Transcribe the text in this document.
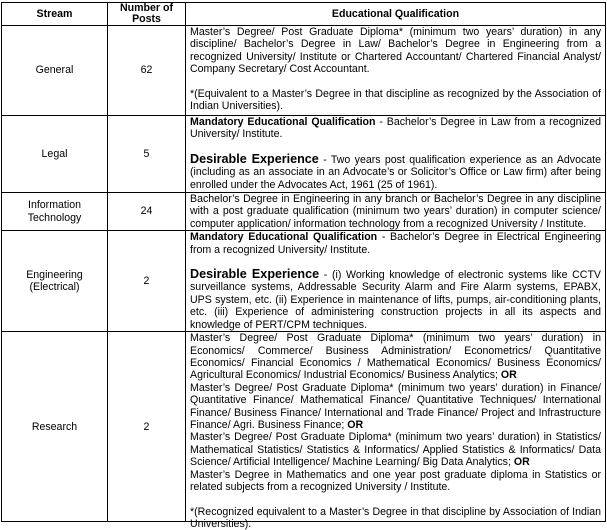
Stream	Number of Posts	Educational Qualification
General	62	Master’s Degree/ Post Graduate Diploma* (minimum two years’ duration) in any discipline/ Bachelor’s Degree in Law/ Bachelor’s Degree in Engineering from a recognized University/ Institute or Chartered Accountant/ Chartered Financial Analyst/ Company Secretary/ Cost Accountant.

*(Equivalent to a Master’s Degree in that discipline as recognized by the Association of Indian Universities).

Legal	5	Mandatory Educational Qualification - Bachelor’s Degree in Law from a recognized University/ Institute.

Desirable Experience - Two years post qualification experience as an Advocate (including as an associate in an Advocate’s or Solicitor’s Office or Law firm) after being enrolled under the Advocates Act, 1961 (25 of 1961).

Information Technology	24	Bachelor’s Degree in Engineering in any branch or Bachelor’s Degree in any discipline with a post graduate qualification (minimum two years’ duration) in computer science/ computer application/ information technology from a recognized University / Institute.

Engineering (Electrical)	2	Mandatory Educational Qualification - Bachelor’s Degree in Electrical Engineering from a recognized University/ Institute.

Desirable Experience - (i) Working knowledge of electronic systems like CCTV surveillance systems, Addressable Security Alarm and Fire Alarm systems, EPABX, UPS system, etc. (ii) Experience in maintenance of lifts, pumps, air-conditioning plants, etc. (iii) Experience of administering construction projects in all its aspects and knowledge of PERT/CPM techniques.

Research	2	Master’s Degree/ Post Graduate Diploma* (minimum two years’ duration) in Economics/ Commerce/ Business Administration/ Econometrics/ Quantitative Economics/ Financial Economics / Mathematical Economics/ Business Economics/ Agricultural Economics/ Industrial Economics/ Business Analytics; OR

Master’s Degree/ Post Graduate Diploma* (minimum two years’ duration) in Finance/ Quantitative Finance/ Mathematical Finance/ Quantitative Techniques/ International Finance/ Business Finance/ International and Trade Finance/ Project and Infrastructure Finance/ Agri. Business Finance; OR

Master’s Degree/ Post Graduate Diploma* (minimum two years’ duration) in Statistics/ Mathematical Statistics/ Statistics & Informatics/ Applied Statistics & Informatics/ Data Science/ Artificial Intelligence/ Machine Learning/ Big Data Analytics; OR

Master’s Degree in Mathematics and one year post graduate diploma in Statistics or related subjects from a recognized University / Institute.

*(Recognized equivalent to a Master’s Degree in that discipline by Association of Indian Universities).
